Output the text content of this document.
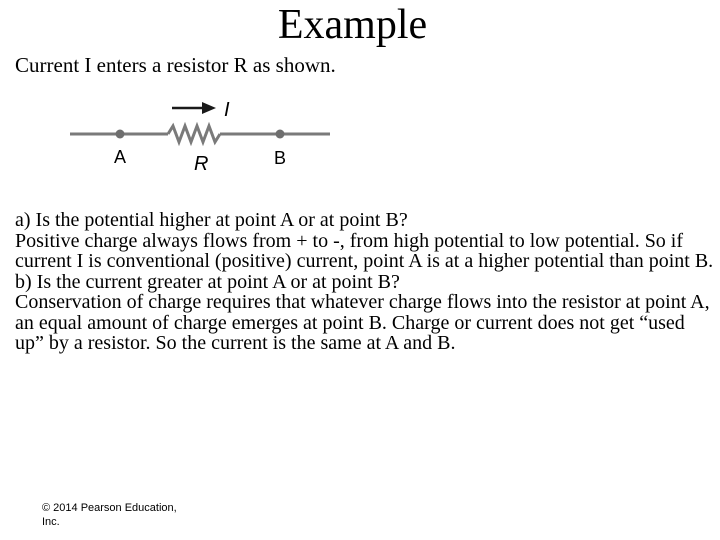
Example
Current I enters a resistor R as shown.
I
A	R	B

a) Is the potential higher at point A or at point B?

Positive charge always flows from + to -, from high potential to low potential. So if current I is conventional (positive) current, point A is at a higher potential than point B.

b) Is the current greater at point A or at point B?

Conservation of charge requires that whatever charge flows into the resistor at point A, an equal amount of charge emerges at point B. Charge or current does not get “used up” by a resistor. So the current is the same at A and B.

© 2014 Pearson Education,
Inc.
